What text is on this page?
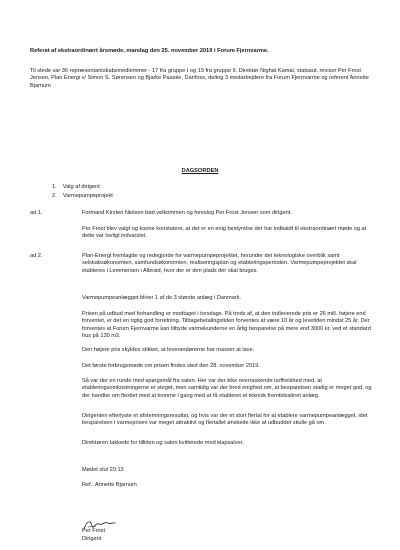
Referat af ekstraordinært årsmøde, mandag den 25. november 2019 i Forum Fjernvarme.

Til stede var 36 repræsentantskabsmedlemmer - 17 fra gruppe I og 19 fra gruppe II. Direktør Nighat Kamal, statsaut. revisor Per Frost Jensen, Plan Energi v/ Simon S. Sørensen og Bjarke Paaske, Danfoss, deltog 3 medarbejdere fra Forum Fjernvarme og referent Annette Bjarnum

DAGSORDEN
1.    Valg af dirigent
2.    Varmepumpeprojekt
ad 1.	Formand Kirsten Nielsen bød velkommen og foreslog Per Frost Jensen som dirigent.

Per Frost blev valgt og kunne konstatere, at det er en enig bestyrelse der har indkaldt til ekstraordinært møde og at dette var lovligt indvarslet.

ad 2.	Plan-Energi fremlagde og redegjorde for varmepumpeprojektet, herunder det teknologiske overblik samt selskabsøkonomien, samfundsøkonomien, realiseringsplan og etableringsperioden. Varmepumpeprojektet skal etableres i Lemmersen i Allerød, hvor der er den plads der skal bruges.

Varmepumpeanlægget bliver 1 af de 3 største anlæg i Danmark.

Prisen på udbud med forhandling er modtaget i torsdags. På trods af, at den indleverede pris er 26 mill. højere end forventet, er det en rigtig god forretning. Tilbagebetalingstiden forventes at være 10 år og levetiden mindst 25 år. Der forventes at Forum Fjernvarme kan tilbyde varmekunderne en årlig besparelse på mere end 3000 kr. ved et standard hus på 130 m2.

Den højere pris skyldes stikket, at leverandørerne har masser at lave.

Det første forbrugsmøde om prisen findes sted den 28. november 2019.

Så var der en runde med spørgsmål fra salen. Her var der ikke overraskende uoffrelshed med, at etableringsomkostningerne er steget, men samtidig var der bred enighed om, at besparelsen stadig er meget god, og der handler om flexitet med at komme i gang med at få etableret et teknisk fremtidssikret anlæg.

Dirigenten efterlyste et afstemningsresultat, og hvis var der et stort flertal for at etablere varmepumpeanlægget, idet besparelsen i varmeprisen var meget attraktivt og flertallet ønskede ikke at udbuddet skulle gå om.

Direktøren takkede for tilliden og salen kvitterede med klapsalver.

Mødet slut 20:13
Ref.: Annette Bjarnum
Per Frost
Dirigent
